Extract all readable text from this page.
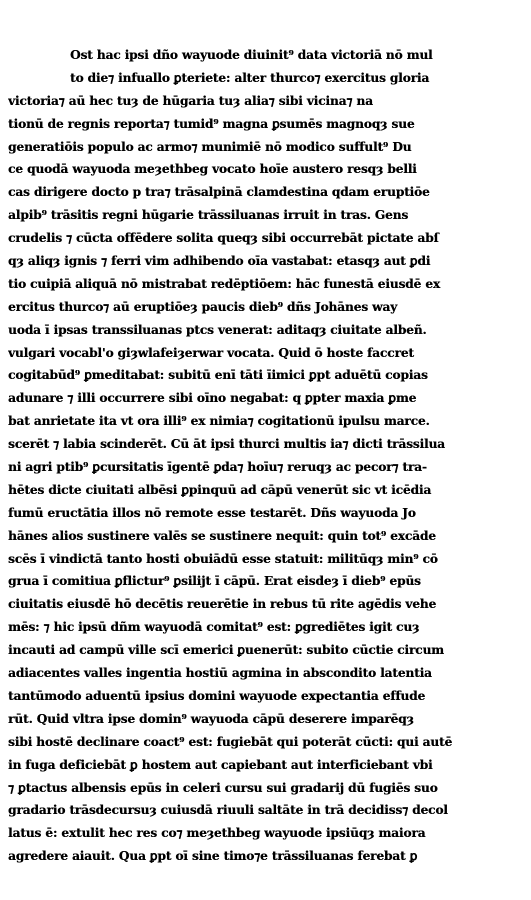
Ost hac ipsi dño wayuode diuinit⁹ data victoriā nō mul
to die⁊ infuallo ꝑteriete: alter thurco⁊ exercitus gloria
victoria⁊ aū hec tuȝ de hūgaria tuȝ alia⁊ sibi vicina⁊ na
tionū de regnis reporta⁊ tumid⁹ magna ꝑsumēs magnoqȝ sue
generatiōis populo ac armo⁊ munimiē nō modico suffult⁹ Du
ce quodā wayuoda meȝethbeg vocato hoīe austero resqȝ belli
cas dirigere docto p tra⁊ trāsalpinā clamdestina qdam eruptiōe
alpib⁹ trāsitis regni hūgarie trāssiluanas irruit in tras. Gens
crudelis ⁊ cūcta offēdere solita queqȝ sibi occurrebāt pictate abſ
qȝ aliqȝ ignis ⁊ ferri vim adhibendo oīa vastabat: etasqȝ aut ꝑdi
tio cuipiā aliquā nō mistrabat redēptiōem: hāc funestā eiusdē ex
ercitus thurco⁊ aū eruptiōeȝ paucis dieb⁹ dñs Johānes way
uoda ī ipsas transsiluanas ptcs venerat: aditaqȝ ciuitate albeñ.
vulgari vocabl'o giȝwlafeiȝerwar vocata. Quid ō hoste faccret
cogitabūd⁹ ꝑmeditabat: subitū enī tāti īimici ꝑpt aduētū copias
adunare ⁊ illi occurrere sibi oīno negabat: q ꝑpter maxia ꝑme
bat anrietate ita vt ora illi⁹ ex nimia⁊ cogitationū ipulsu marce.
scerēt ⁊ labia scinderēt. Cū āt ipsi thurci multis ia⁊ dicti trāssilua
ni agri ptib⁹ ꝑcursitatis īgentē ꝑda⁊ hoīu⁊ reruqȝ ac pecor⁊ tra-
hētes dicte ciuitati albēsi ꝑpinquū ad cāpū venerūt sic vt icēdia
fumū eructātia illos nō remote esse testarēt. Dñs wayuoda Jo
hānes alios sustinere valēs se sustinere nequit: quin tot⁹ excāde
scēs ī vindictā tanto hosti obuiādū esse statuit: militūqȝ min⁹ cō
grua ī comitiua ꝑflictur⁹ ꝑsilijt ī cāpū. Erat eisdeȝ ī dieb⁹ epūs
ciuitatis eiusdē hō decētis reuerētie in rebus tū rite agēdis vehe
mēs: ⁊ hic ipsū dñm wayuodā comitat⁹ est: ꝑgrediētes igit cuȝ
incauti ad campū ville scī emerici ꝑuenerūt: subito cūctie circum
adiacentes valles ingentia hostiū agmina in abscondito latentia
tantūmodo aduentū ipsius domini wayuode expectantia effude
rūt. Quid vltra ipse domin⁹ wayuoda cāpū deserere imparēqȝ
sibi hostē declinare coact⁹ est: fugiebāt qui poterāt cūcti: qui autē
in fuga deficiebāt ꝑ hostem aut capiebant aut interficiebant vbi
⁊ ꝑtactus albensis epūs in celeri cursu sui gradarij dū fugiēs suo
gradario trāsdecursuȝ cuiusdā riuuli saltāte in trā decidiss⁊ decol
latus ē: extulit hec res co⁊ meȝethbeg wayuode ipsiūqȝ maiora
agredere aiauit. Qua ꝑpt oī sine timo⁊e trāssiluanas ferebat ꝑ
